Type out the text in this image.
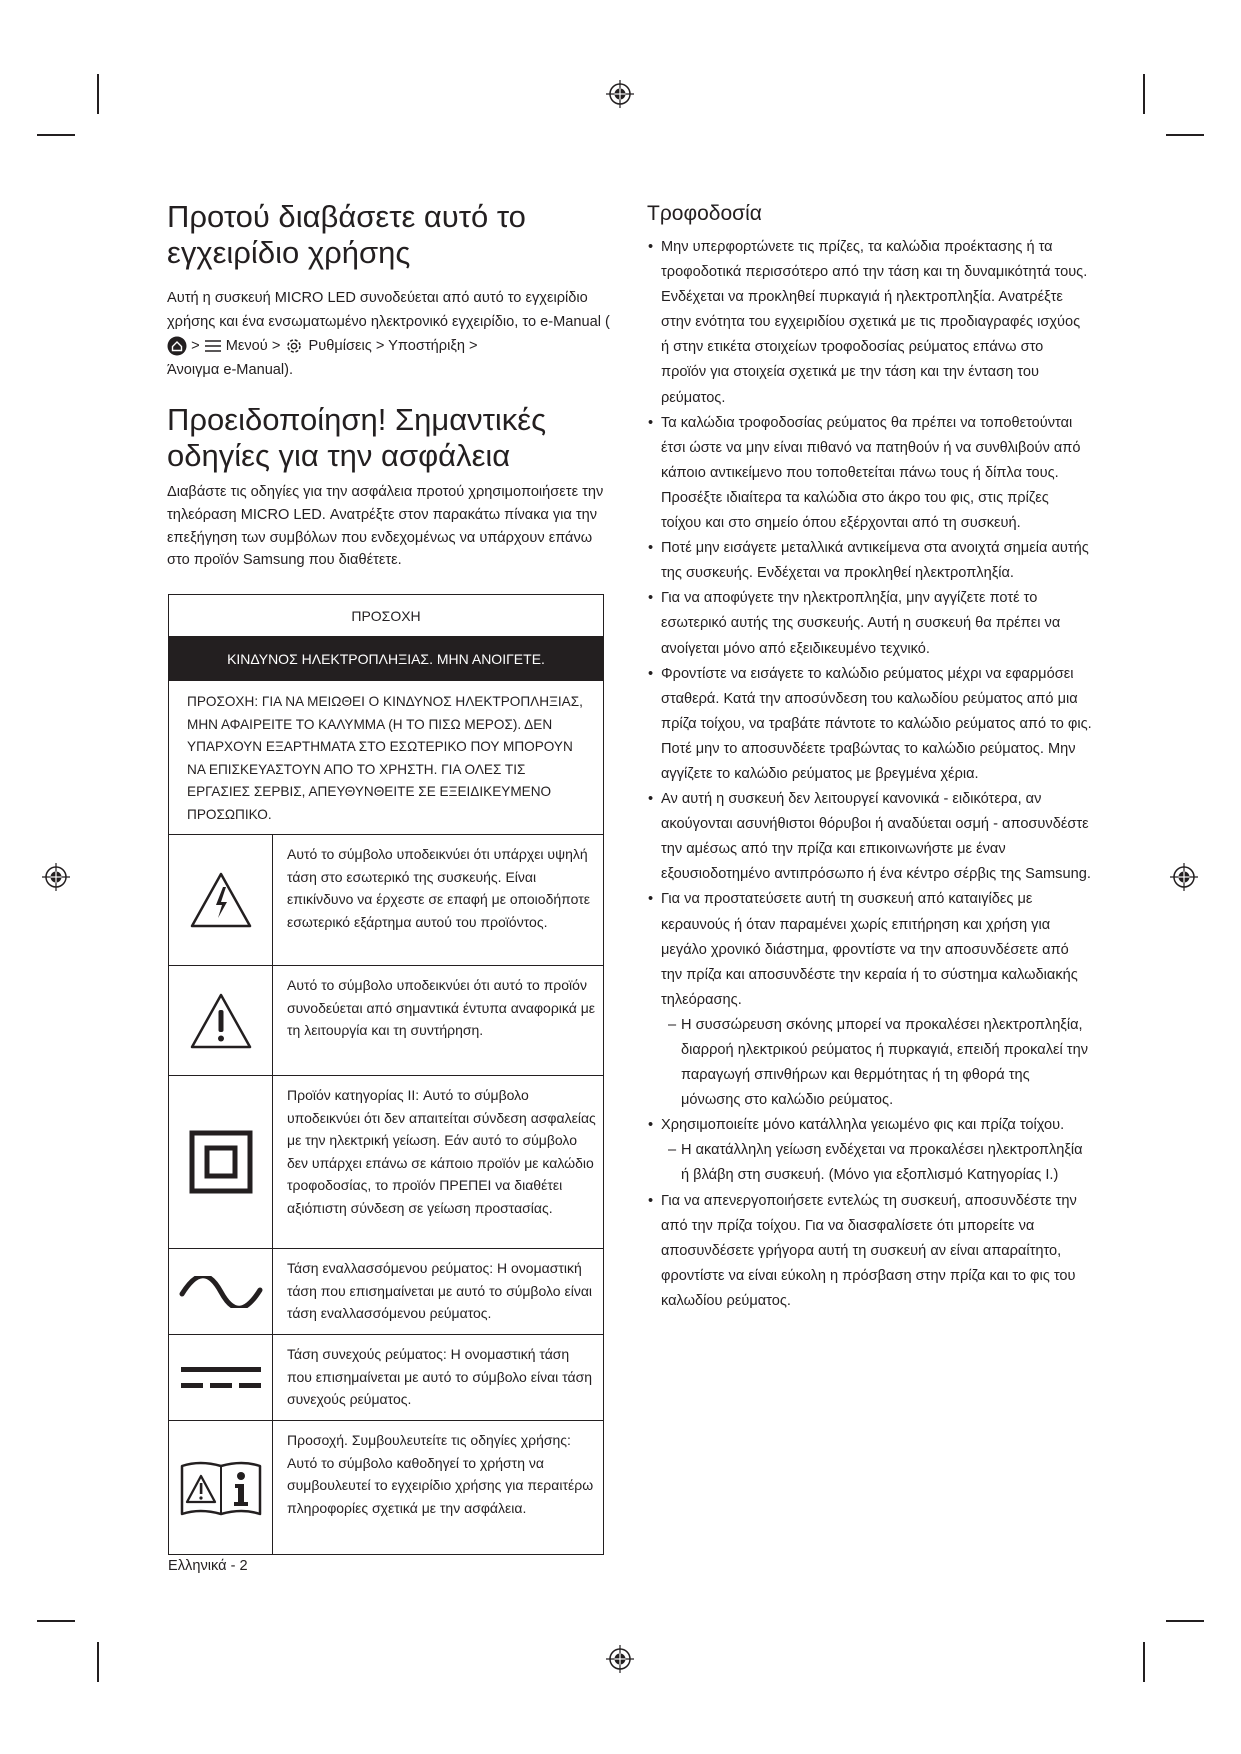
Προτού διαβάσετε αυτό το
εγχειρίδιο χρήσης

Αυτή η συσκευή MICRO LED συνοδεύεται από αυτό το εγχειρίδιο χρήσης και ένα ενσωματωμένο ηλεκτρονικό εγχειρίδιο, το e-Manual ( > Μενού > Ρυθμίσεις > Υποστήριξη >
Άνοιγμα e-Manual).

Προειδοποίηση! Σημαντικές
οδηγίες για την ασφάλεια

Διαβάστε τις οδηγίες για την ασφάλεια προτού χρησιμοποιήσετε την τηλεόραση MICRO LED. Ανατρέξτε στον παρακάτω πίνακα για την επεξήγηση των συμβόλων που ενδεχομένως να υπάρχουν επάνω στο προϊόν Samsung που διαθέτετε.

ΠΡΟΣΟΧΗ
ΚΙΝΔΥΝΟΣ ΗΛΕΚΤΡΟΠΛΗΞΙΑΣ. ΜΗΝ ΑΝΟΙΓΕΤΕ.
ΠΡΟΣΟΧΗ: ΓΙΑ ΝΑ ΜΕΙΩΘΕΙ Ο ΚΙΝΔΥΝΟΣ ΗΛΕΚΤΡΟΠΛΗΞΙΑΣ, ΜΗΝ ΑΦΑΙΡΕΙΤΕ ΤΟ ΚΑΛΥΜΜΑ (Η ΤΟ ΠΙΣΩ ΜΕΡΟΣ). ΔΕΝ ΥΠΑΡΧΟΥΝ ΕΞΑΡΤΗΜΑΤΑ ΣΤΟ ΕΣΩΤΕΡΙΚΟ ΠΟΥ ΜΠΟΡΟΥΝ ΝΑ ΕΠΙΣΚΕΥΑΣΤΟΥΝ ΑΠΟ ΤΟ ΧΡΗΣΤΗ. ΓΙΑ ΟΛΕΣ ΤΙΣ ΕΡΓΑΣΙΕΣ ΣΕΡΒΙΣ, ΑΠΕΥΘΥΝΘΕΙΤΕ ΣΕ ΕΞΕΙΔΙΚΕΥΜΕΝΟ ΠΡΟΣΩΠΙΚΟ.
Αυτό το σύμβολο υποδεικνύει ότι υπάρχει υψηλή τάση στο εσωτερικό της συσκευής. Είναι επικίνδυνο να έρχεστε σε επαφή με οποιοδήποτε εσωτερικό εξάρτημα αυτού του προϊόντος.
Αυτό το σύμβολο υποδεικνύει ότι αυτό το προϊόν συνοδεύεται από σημαντικά έντυπα αναφορικά με τη λειτουργία και τη συντήρηση.
Προϊόν κατηγορίας II: Αυτό το σύμβολο υποδεικνύει ότι δεν απαιτείται σύνδεση ασφαλείας με την ηλεκτρική γείωση. Εάν αυτό το σύμβολο δεν υπάρχει επάνω σε κάποιο προϊόν με καλώδιο τροφοδοσίας, το προϊόν ΠΡΕΠΕΙ να διαθέτει αξιόπιστη σύνδεση σε γείωση προστασίας.
Τάση εναλλασσόμενου ρεύματος: Η ονομαστική τάση που επισημαίνεται με αυτό το σύμβολο είναι τάση εναλλασσόμενου ρεύματος.
Τάση συνεχούς ρεύματος: Η ονομαστική τάση που επισημαίνεται με αυτό το σύμβολο είναι τάση συνεχούς ρεύματος.
Προσοχή. Συμβουλευτείτε τις οδηγίες χρήσης: Αυτό το σύμβολο καθοδηγεί το χρήστη να συμβουλευτεί το εγχειρίδιο χρήσης για περαιτέρω πληροφορίες σχετικά με την ασφάλεια.
Ελληνικά - 2
Τροφοδοσία
• Μην υπερφορτώνετε τις πρίζες, τα καλώδια προέκτασης ή τα τροφοδοτικά περισσότερο από την τάση και τη δυναμικότητά τους. Ενδέχεται να προκληθεί πυρκαγιά ή ηλεκτροπληξία. Ανατρέξτε στην ενότητα του εγχειριδίου σχετικά με τις προδιαγραφές ισχύος ή στην ετικέτα στοιχείων τροφοδοσίας ρεύματος επάνω στο προϊόν για στοιχεία σχετικά με την τάση και την ένταση του ρεύματος.
• Τα καλώδια τροφοδοσίας ρεύματος θα πρέπει να τοποθετούνται έτσι ώστε να μην είναι πιθανό να πατηθούν ή να συνθλιβούν από κάποιο αντικείμενο που τοποθετείται πάνω τους ή δίπλα τους. Προσέξτε ιδιαίτερα τα καλώδια στο άκρο του φις, στις πρίζες τοίχου και στο σημείο όπου εξέρχονται από τη συσκευή.
• Ποτέ μην εισάγετε μεταλλικά αντικείμενα στα ανοιχτά σημεία αυτής της συσκευής. Ενδέχεται να προκληθεί ηλεκτροπληξία.
• Για να αποφύγετε την ηλεκτροπληξία, μην αγγίζετε ποτέ το εσωτερικό αυτής της συσκευής. Αυτή η συσκευή θα πρέπει να ανοίγεται μόνο από εξειδικευμένο τεχνικό.
• Φροντίστε να εισάγετε το καλώδιο ρεύματος μέχρι να εφαρμόσει σταθερά. Κατά την αποσύνδεση του καλωδίου ρεύματος από μια πρίζα τοίχου, να τραβάτε πάντοτε το καλώδιο ρεύματος από το φις. Ποτέ μην το αποσυνδέετε τραβώντας το καλώδιο ρεύματος. Μην αγγίζετε το καλώδιο ρεύματος με βρεγμένα χέρια.
• Αν αυτή η συσκευή δεν λειτουργεί κανονικά - ειδικότερα, αν ακούγονται ασυνήθιστοι θόρυβοι ή αναδύεται οσμή - αποσυνδέστε την αμέσως από την πρίζα και επικοινωνήστε με έναν εξουσιοδοτημένο αντιπρόσωπο ή ένα κέντρο σέρβις της Samsung.
• Για να προστατεύσετε αυτή τη συσκευή από καταιγίδες με κεραυνούς ή όταν παραμένει χωρίς επιτήρηση και χρήση για μεγάλο χρονικό διάστημα, φροντίστε να την αποσυνδέσετε από την πρίζα και αποσυνδέστε την κεραία ή το σύστημα καλωδιακής τηλεόρασης.
– Η συσσώρευση σκόνης μπορεί να προκαλέσει ηλεκτροπληξία, διαρροή ηλεκτρικού ρεύματος ή πυρκαγιά, επειδή προκαλεί την παραγωγή σπινθήρων και θερμότητας ή τη φθορά της μόνωσης στο καλώδιο ρεύματος.
• Χρησιμοποιείτε μόνο κατάλληλα γειωμένο φις και πρίζα τοίχου.
– Η ακατάλληλη γείωση ενδέχεται να προκαλέσει ηλεκτροπληξία ή βλάβη στη συσκευή. (Μόνο για εξοπλισμό Κατηγορίας I.)
• Για να απενεργοποιήσετε εντελώς τη συσκευή, αποσυνδέστε την από την πρίζα τοίχου. Για να διασφαλίσετε ότι μπορείτε να αποσυνδέσετε γρήγορα αυτή τη συσκευή αν είναι απαραίτητο, φροντίστε να είναι εύκολη η πρόσβαση στην πρίζα και το φις του καλωδίου ρεύματος.
